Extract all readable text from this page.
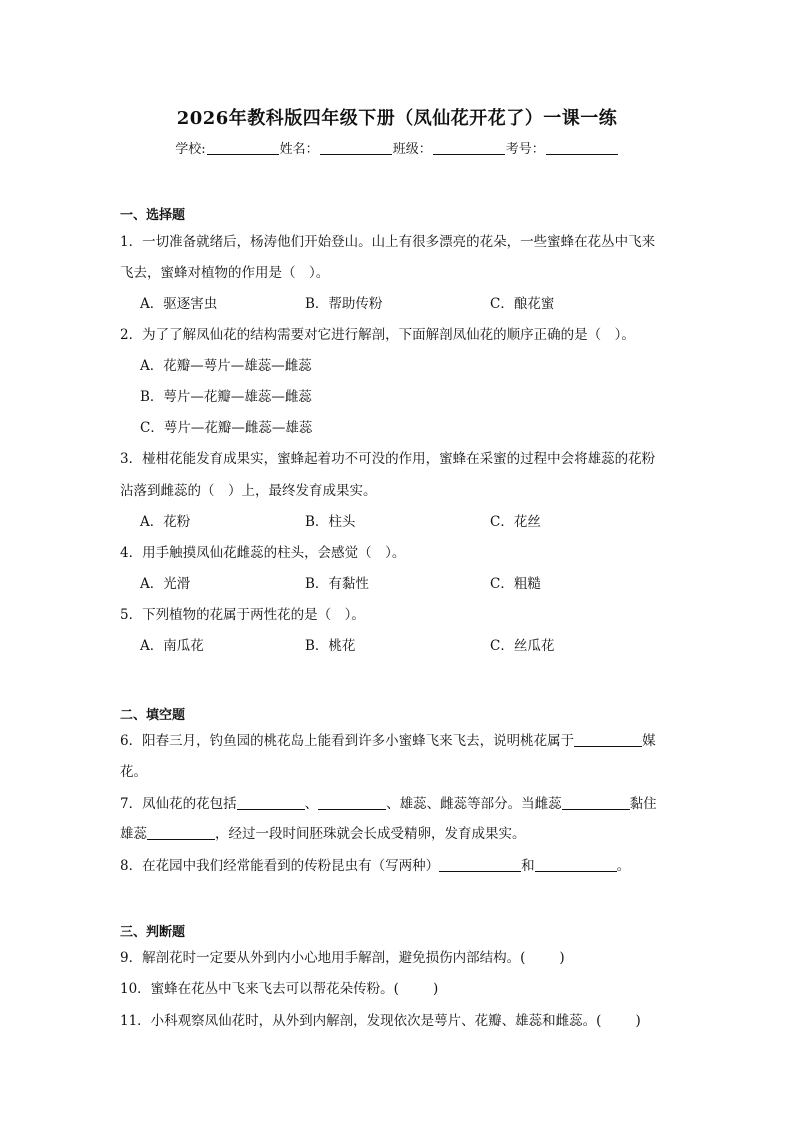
2026年教科版四年级下册（凤仙花开花了）一课一练
学校:	姓名：	班级：	考号：
一、选择题
1．一切准备就绪后，杨涛他们开始登山。山上有很多漂亮的花朵，一些蜜蜂在花丛中飞来
飞去，蜜蜂对植物的作用是（　）。
A．驱逐害虫	B．帮助传粉	C．酿花蜜
2．为了了解凤仙花的结构需要对它进行解剖，下面解剖凤仙花的顺序正确的是（　）。
A．花瓣—萼片—雄蕊—雌蕊
B．萼片—花瓣—雄蕊—雌蕊
C．萼片—花瓣—雌蕊—雄蕊
3．椪柑花能发育成果实，蜜蜂起着功不可没的作用，蜜蜂在采蜜的过程中会将雄蕊的花粉
沾落到雌蕊的（　）上，最终发育成果实。
A．花粉	B．柱头	C．花丝
4．用手触摸凤仙花雌蕊的柱头，会感觉（　）。
A．光滑	B．有黏性	C．粗糙
5．下列植物的花属于两性花的是（　）。
A．南瓜花	B．桃花	C．丝瓜花
二、填空题
6．阳春三月，钓鱼园的桃花岛上能看到许多小蜜蜂飞来飞去，说明桃花属于	媒
花。
7．凤仙花的花包括	、	、雄蕊、雌蕊等部分。当雌蕊	黏住
雄蕊	，经过一段时间胚珠就会长成受精卵，发育成果实。
8．在花园中我们经常能看到的传粉昆虫有（写两种）	和	。
三、判断题
9．解剖花时一定要从外到内小心地用手解剖，避免损伤内部结构。(	)
10．蜜蜂在花丛中飞来飞去可以帮花朵传粉。(	)
11．小科观察凤仙花时，从外到内解剖，发现依次是萼片、花瓣、雄蕊和雌蕊。(	)
